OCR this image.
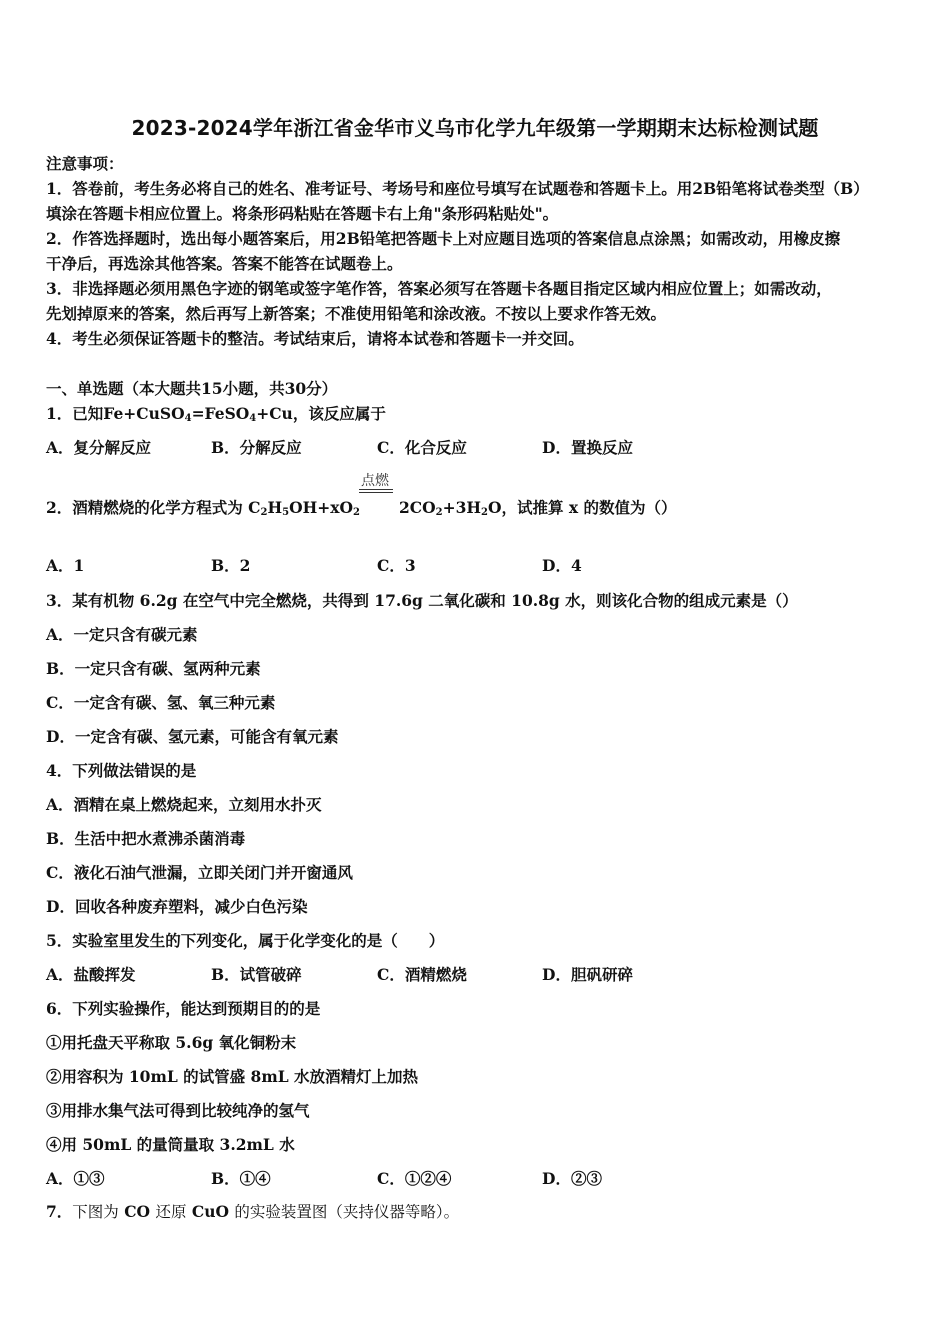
2023-2024学年浙江省金华市义乌市化学九年级第一学期期末达标检测试题
注意事项：
1．答卷前，考生务必将自己的姓名、准考证号、考场号和座位号填写在试题卷和答题卡上。用2B铅笔将试卷类型（B）
填涂在答题卡相应位置上。将条形码粘贴在答题卡右上角"条形码粘贴处"。
2．作答选择题时，选出每小题答案后，用2B铅笔把答题卡上对应题目选项的答案信息点涂黑；如需改动，用橡皮擦
干净后，再选涂其他答案。答案不能答在试题卷上。
3．非选择题必须用黑色字迹的钢笔或签字笔作答，答案必须写在答题卡各题目指定区域内相应位置上；如需改动，
先划掉原来的答案，然后再写上新答案；不准使用铅笔和涂改液。不按以上要求作答无效。
4．考生必须保证答题卡的整洁。考试结束后，请将本试卷和答题卡一并交回。
一、单选题（本大题共15小题，共30分）
1．已知Fe+CuSO$_4$=FeSO$_4$+Cu，该反应属于
A．复分解反应	B．分解反应	C．化合反应	D．置换反应
点燃
2．酒精燃烧的化学方程式为 $C_2H_5OH+xO_2$	$2CO_2+3H_2O$，试推算 x 的数值为（）
A．1	B．2	C．3	D．4
3．某有机物 6.2g 在空气中完全燃烧，共得到 17.6g 二氧化碳和 10.8g 水，则该化合物的组成元素是（）
A．一定只含有碳元素
B．一定只含有碳、氢两种元素
C．一定含有碳、氢、氧三种元素
D．一定含有碳、氢元素，可能含有氧元素
4．下列做法错误的是
A．酒精在桌上燃烧起来，立刻用水扑灭
B．生活中把水煮沸杀菌消毒
C．液化石油气泄漏，立即关闭门并开窗通风
D．回收各种废弃塑料，减少白色污染
5．实验室里发生的下列变化，属于化学变化的是（　　）
A．盐酸挥发	B．试管破碎	C．酒精燃烧	D．胆矾研碎
6．下列实验操作，能达到预期目的的是
①用托盘天平称取 5.6g 氧化铜粉末
②用容积为 10mL 的试管盛 8mL 水放酒精灯上加热
③用排水集气法可得到比较纯净的氢气
④用 50mL 的量筒量取 3.2mL 水
A．①③	B．①④	C．①②④	D．②③
7．下图为 CO 还原 CuO 的实验装置图（夹持仪器等略）。
